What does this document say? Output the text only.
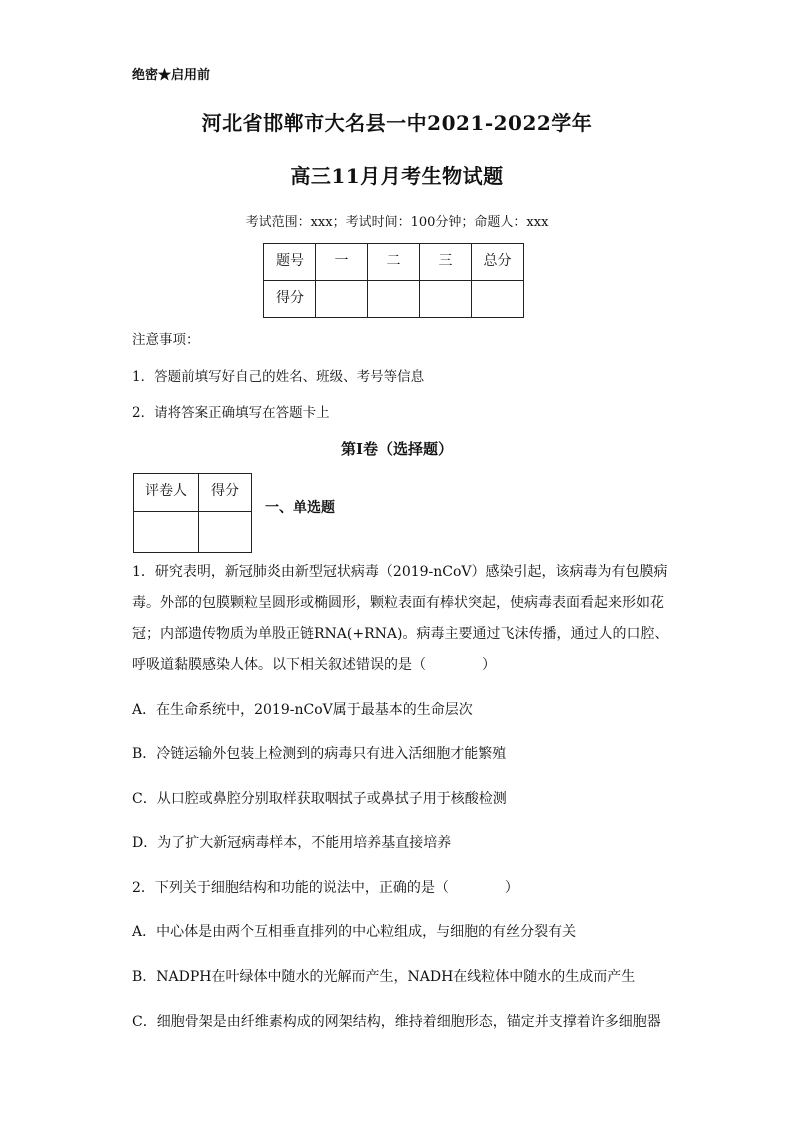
绝密★启用前
河北省邯郸市大名县一中2021-2022学年
高三11月月考生物试题
考试范围：xxx；考试时间：100分钟；命题人：xxx
题号	一	二	三	总分
得分				
注意事项：
1．答题前填写好自己的姓名、班级、考号等信息
2．请将答案正确填写在答题卡上
第I卷（选择题）
评卷人	得分

一、单选题
1．研究表明，新冠肺炎由新型冠状病毒（2019-nCoV）感染引起，该病毒为有包膜病
毒。外部的包膜颗粒呈圆形或椭圆形，颗粒表面有棒状突起，使病毒表面看起来形如花
冠；内部遗传物质为单股正链RNA(+RNA)。病毒主要通过飞沫传播，通过人的口腔、
呼吸道黏膜感染人体。以下相关叙述错误的是（　　　　）
A．在生命系统中，2019-nCoV属于最基本的生命层次
B．冷链运输外包装上检测到的病毒只有进入活细胞才能繁殖
C．从口腔或鼻腔分别取样获取咽拭子或鼻拭子用于核酸检测
D．为了扩大新冠病毒样本，不能用培养基直接培养
2．下列关于细胞结构和功能的说法中，正确的是（　　　　）
A．中心体是由两个互相垂直排列的中心粒组成，与细胞的有丝分裂有关
B．NADPH在叶绿体中随水的光解而产生，NADH在线粒体中随水的生成而产生
C．细胞骨架是由纤维素构成的网架结构，维持着细胞形态，锚定并支撑着许多细胞器
